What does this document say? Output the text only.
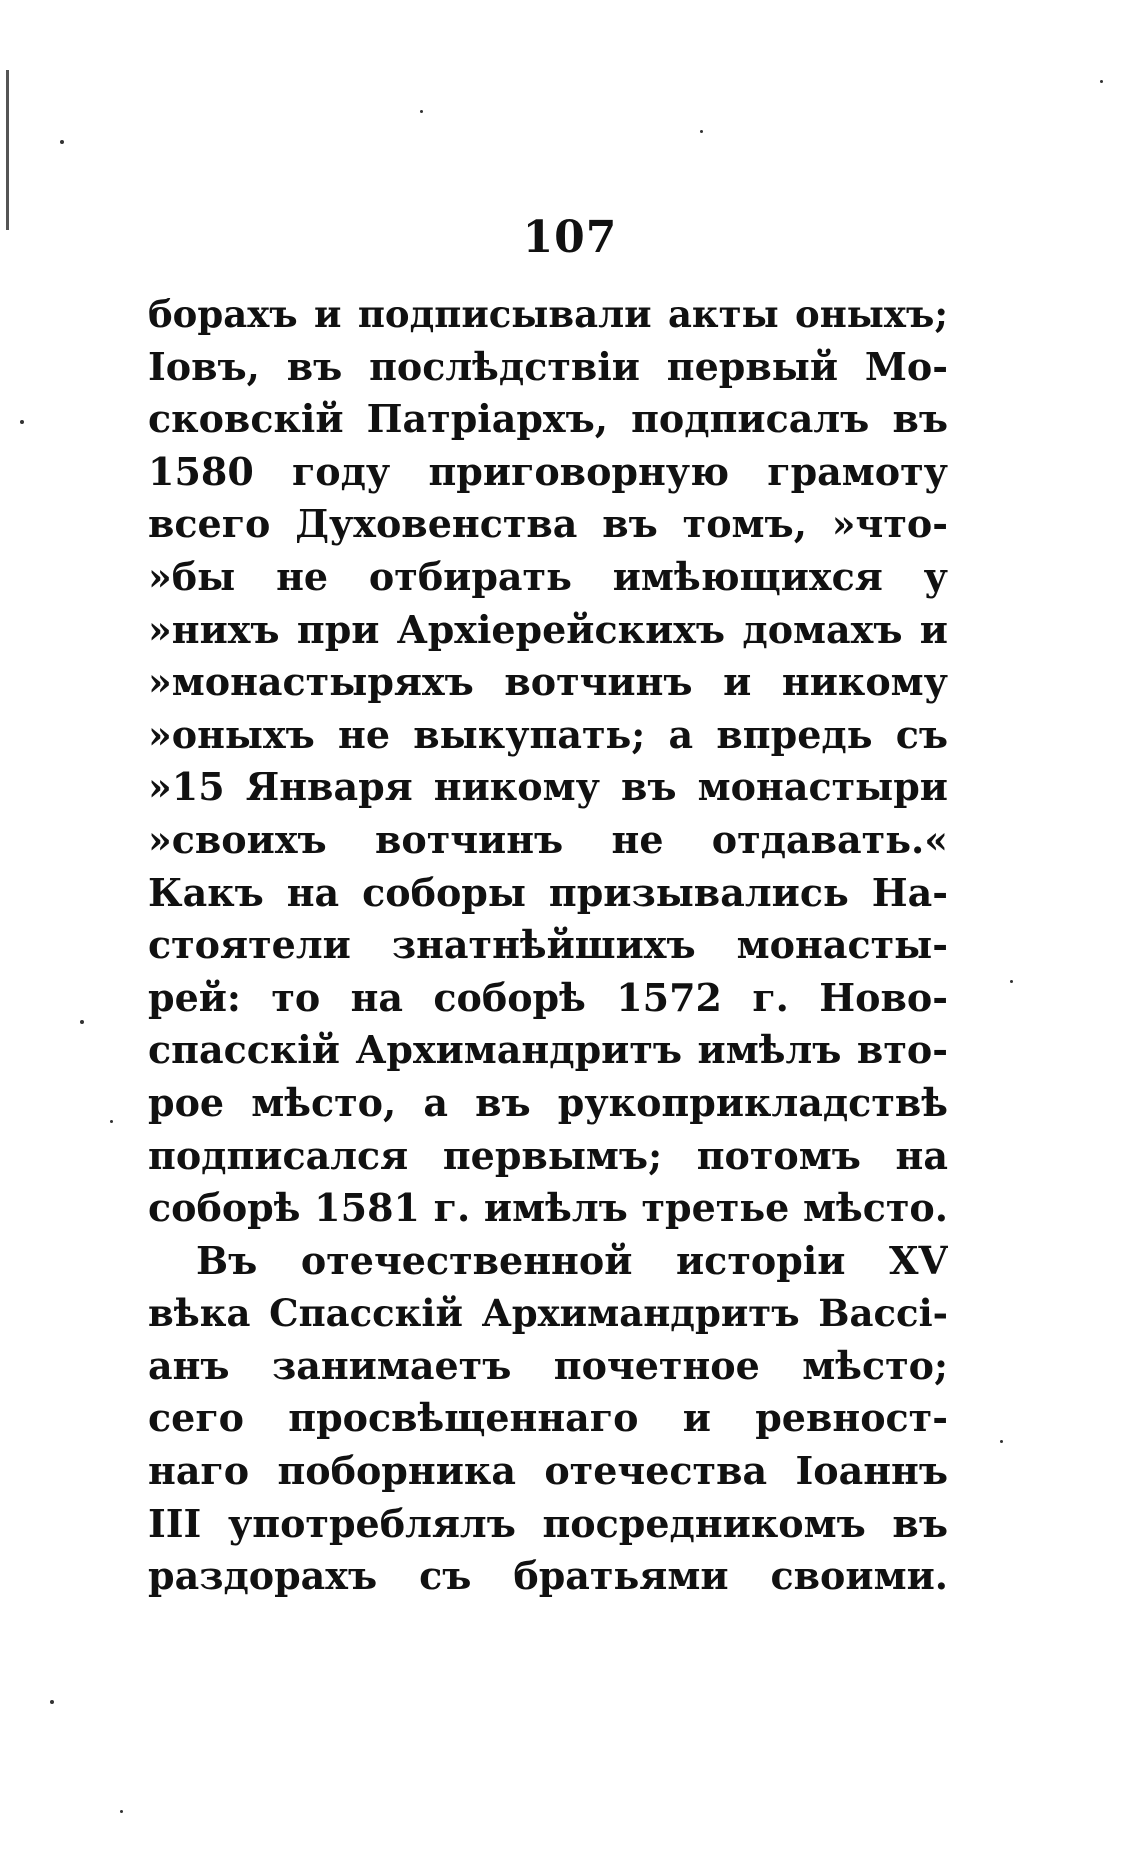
107
борахъ и подписывали акты оныхъ;
Іовъ, въ послѣдствіи первый Мо-
сковскій Патріархъ, подписалъ въ
1580 году приговорную грамоту
всего Духовенства въ томъ, »что-
»бы не отбирать имѣющихся у
»нихъ при Архіерейскихъ домахъ и
»монастыряхъ вотчинъ и никому
»оныхъ не выкупать; а впредь съ
»15 Января никому въ монастыри
»своихъ вотчинъ не отдавать.«
Какъ на соборы призывались На-
стоятели знатнѣйшихъ монасты-
рей: то на соборѣ 1572 г. Ново-
спасскій Архимандритъ имѣлъ вто-
рое мѣсто, а въ рукоприкладствѣ
подписался первымъ; потомъ на
соборѣ 1581 г. имѣлъ третье мѣсто.
Въ отечественной исторіи XV
вѣка Спасскій Архимандритъ Вассі-
анъ занимаетъ почетное мѣсто;
сего просвѣщеннаго и ревност-
наго поборника отечества Іоаннъ
III употреблялъ посредникомъ въ
раздорахъ съ братьями своими.
